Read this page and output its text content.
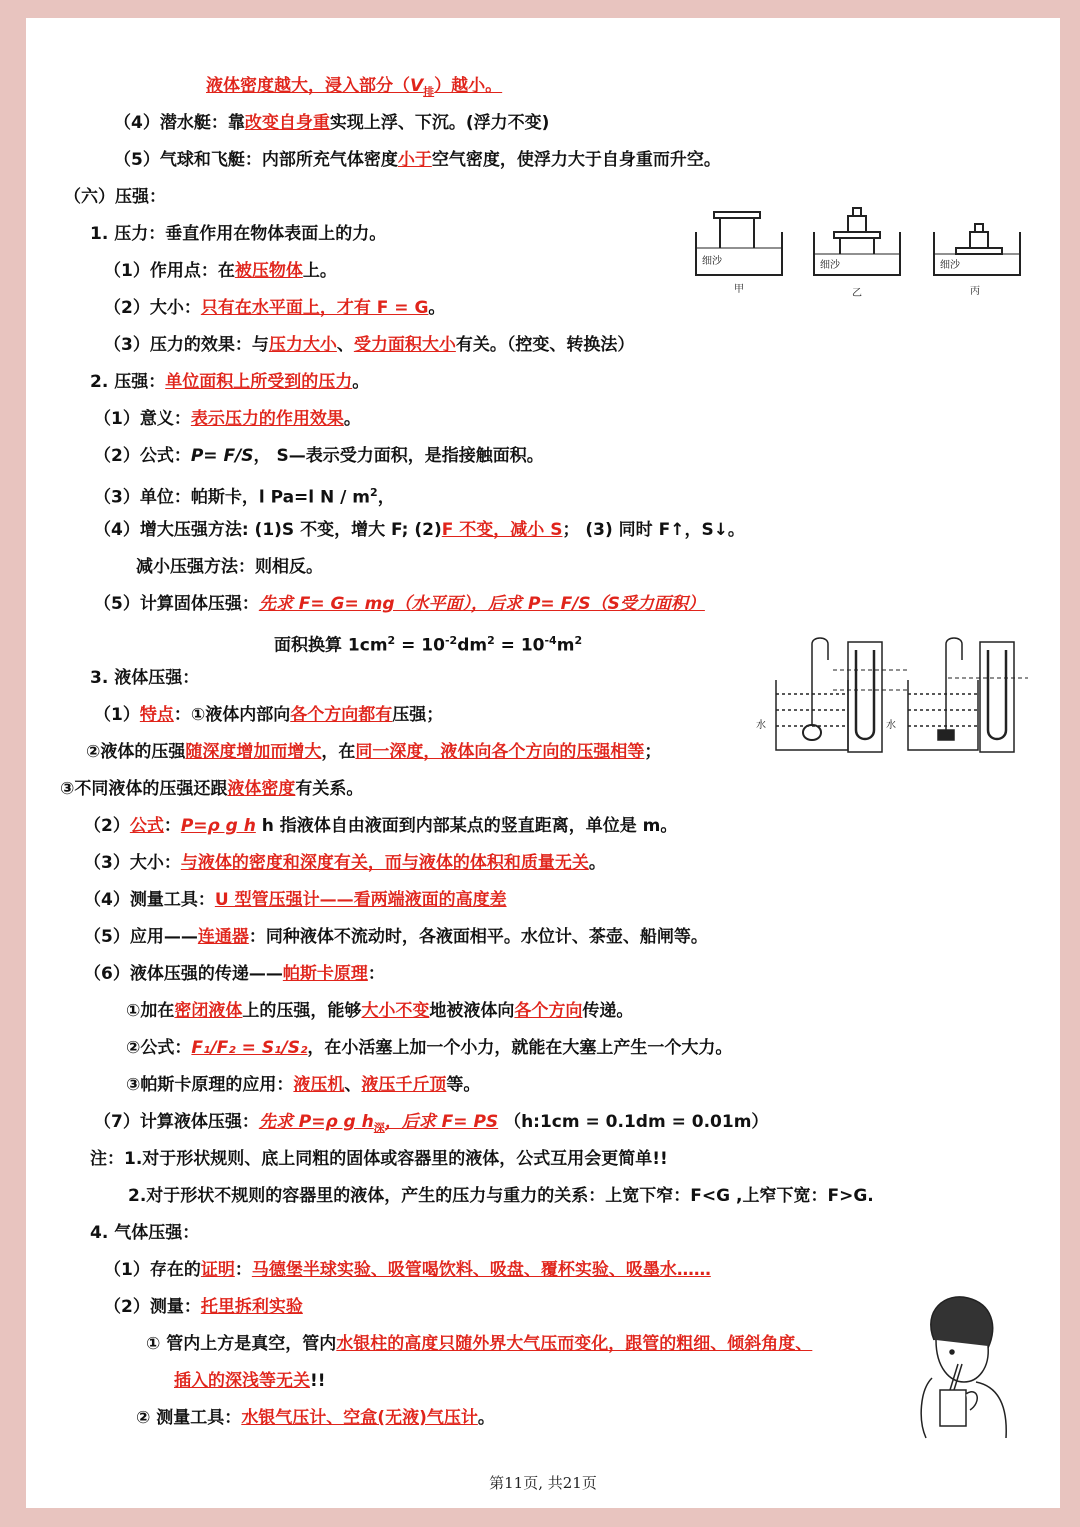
液体密度越大，浸入部分$(V_排)$越小。
（4）潜水艇：靠改变自身重实现上浮、下沉。(浮力不变)
（5）气球和飞艇：内部所充气体密度小于空气密度，使浮力大于自身重而升空。
（六）压强：
1. 压力：垂直作用在物体表面上的力。
（1）作用点：在被压物体上。
（2）大小：只有在水平面上，才有 F = G。
（3）压力的效果：与压力大小、受力面积大小有关。（控变、转换法）
2. 压强：单位面积上所受到的压力。
（1）意义：表示压力的作用效果。
（2）公式：P= F/S， S—表示受力面积，是指接触面积。
（3）单位：帕斯卡，l Pa=l N / $m^2$，
（4）增大压强方法: (1)S 不变，增大 F; (2)F 不变，减小 S； (3) 同时 F↑，S↓。
减小压强方法：则相反。
（5）计算固体压强：先求 F= G= mg（水平面），后求 P= F/S（S受力面积）
面积换算 $1cm^2 = 10^{-2}dm^2 = 10^{-4}m^2$
3. 液体压强：
（1）特点：①液体内部向各个方向都有压强；
②液体的压强随深度增加而增大，在同一深度，液体向各个方向的压强相等；
③不同液体的压强还跟液体密度有关系。
（2）公式：P=ρ g h h 指液体自由液面到内部某点的竖直距离，单位是 m。
（3）大小：与液体的密度和深度有关，而与液体的体积和质量无关。
（4）测量工具：U 型管压强计——看两端液面的高度差
（5）应用——连通器：同种液体不流动时，各液面相平。水位计、茶壶、船闸等。
（6）液体压强的传递——帕斯卡原理：
①加在密闭液体上的压强，能够大小不变地被液体向各个方向传递。
②公式：F₁/F₂ = S₁/S₂，在小活塞上加一个小力，就能在大塞上产生一个大力。
③帕斯卡原理的应用：液压机、液压千斤顶等。
（7）计算液体压强：先求 P=ρ g $h_深$，后求 F= PS （h:1cm = 0.1dm = 0.01m）
注：1.对于形状规则、底上同粗的固体或容器里的液体，公式互用会更简单!!
2.对于形状不规则的容器里的液体，产生的压力与重力的关系：上宽下窄：F<G ,上窄下宽：F>G.
4. 气体压强：
（1）存在的证明：马德堡半球实验、吸管喝饮料、吸盘、覆杯实验、吸墨水……
（2）测量：托里拆利实验
① 管内上方是真空，管内水银柱的高度只随外界大气压而变化，跟管的粗细、倾斜角度、
插入的深浅等无关!!
② 测量工具：水银气压计、空盒(无液)气压计。
细沙	细沙	细沙
甲	乙	丙
水	水
第11页, 共21页
